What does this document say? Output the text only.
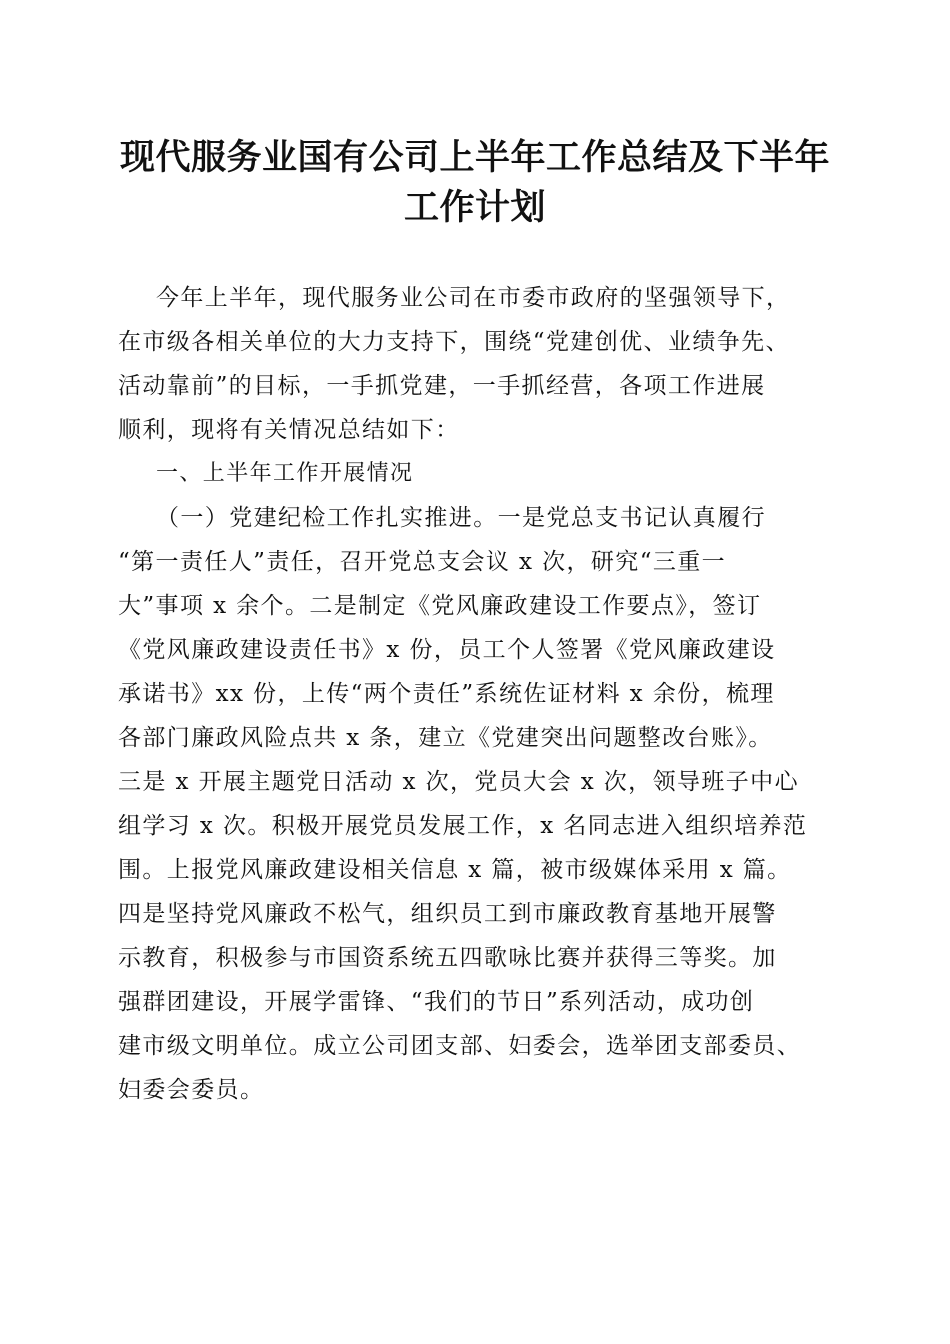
现代服务业国有公司上半年工作总结及下半年
工作计划
今年上半年，现代服务业公司在市委市政府的坚强领导下，
在市级各相关单位的大力支持下，围绕“党建创优、业绩争先、
活动靠前”的目标，一手抓党建，一手抓经营，各项工作进展
顺利，现将有关情况总结如下：
一、上半年工作开展情况
（一）党建纪检工作扎实推进。一是党总支书记认真履行
“第一责任人”责任，召开党总支会议 x 次，研究“三重一
大”事项 x 余个。二是制定《党风廉政建设工作要点》，签订
《党风廉政建设责任书》x 份，员工个人签署《党风廉政建设
承诺书》xx 份，上传“两个责任”系统佐证材料 x 余份，梳理
各部门廉政风险点共 x 条，建立《党建突出问题整改台账》。
三是 x 开展主题党日活动 x 次，党员大会 x 次，领导班子中心
组学习 x 次。积极开展党员发展工作，x 名同志进入组织培养范
围。上报党风廉政建设相关信息 x 篇，被市级媒体采用 x 篇。
四是坚持党风廉政不松气，组织员工到市廉政教育基地开展警
示教育，积极参与市国资系统五四歌咏比赛并获得三等奖。加
强群团建设，开展学雷锋、“我们的节日”系列活动，成功创
建市级文明单位。成立公司团支部、妇委会，选举团支部委员、
妇委会委员。
